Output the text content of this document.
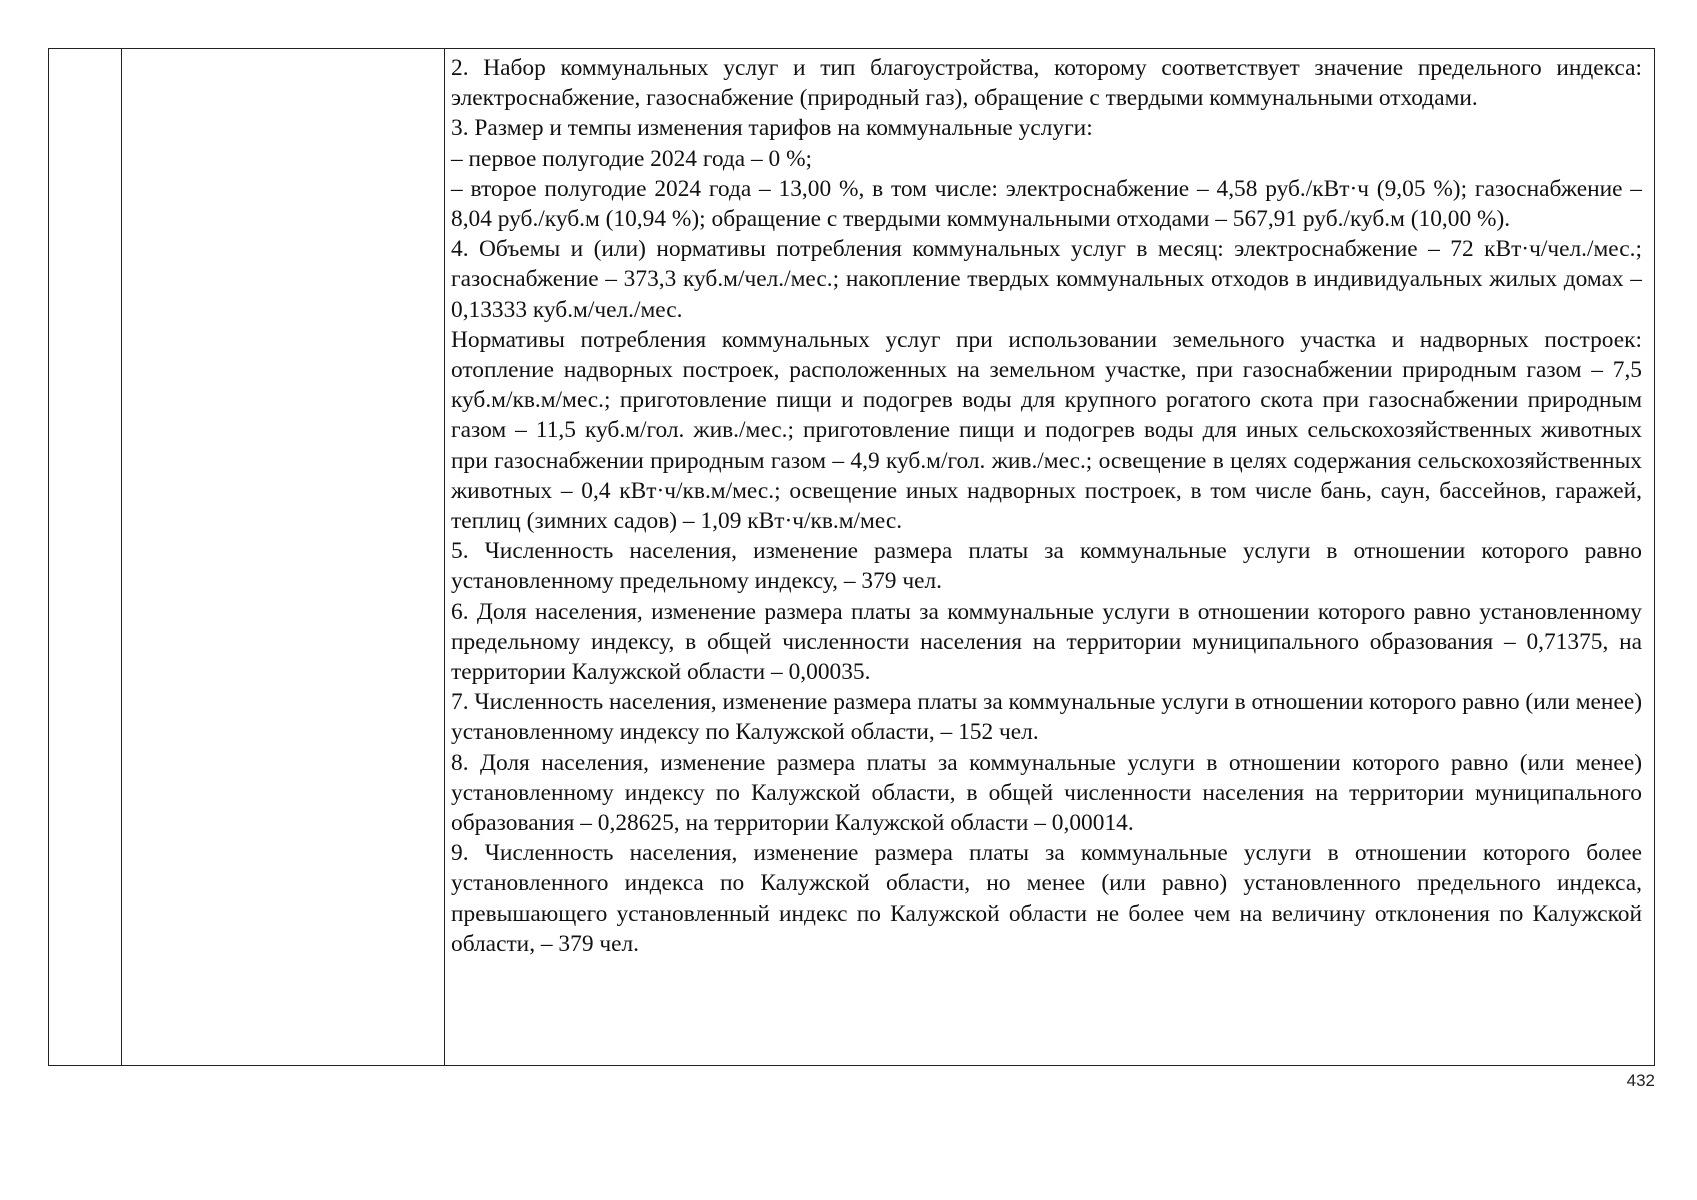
2. Набор коммунальных услуг и тип благоустройства, которому соответствует значение предельного индекса: электроснабжение, газоснабжение (природный газ), обращение с твердыми коммунальными отходами.

3. Размер и темпы изменения тарифов на коммунальные услуги:

– первое полугодие 2024 года – 0 %;

– второе полугодие 2024 года – 13,00 %, в том числе: электроснабжение – 4,58 руб./кВт·ч (9,05 %); газоснабжение – 8,04 руб./куб.м (10,94 %); обращение с твердыми коммунальными отходами – 567,91 руб./куб.м (10,00 %).

4. Объемы и (или) нормативы потребления коммунальных услуг в месяц: электроснабжение – 72 кВт·ч/чел./мес.; газоснабжение – 373,3 куб.м/чел./мес.; накопление твердых коммунальных отходов в индивидуальных жилых домах – 0,13333 куб.м/чел./мес.

Нормативы потребления коммунальных услуг при использовании земельного участка и надворных построек: отопление надворных построек, расположенных на земельном участке, при газоснабжении природным газом – 7,5 куб.м/кв.м/мес.; приготовление пищи и подогрев воды для крупного рогатого скота при газоснабжении природным газом – 11,5 куб.м/гол. жив./мес.; приготовление пищи и подогрев воды для иных сельскохозяйственных животных при газоснабжении природным газом – 4,9 куб.м/гол. жив./мес.; освещение в целях содержания сельскохозяйственных животных – 0,4 кВт·ч/кв.м/мес.; освещение иных надворных построек, в том числе бань, саун, бассейнов, гаражей, теплиц (зимних садов) – 1,09 кВт·ч/кв.м/мес.

5. Численность населения, изменение размера платы за коммунальные услуги в отношении которого равно установленному предельному индексу, – 379 чел.

6. Доля населения, изменение размера платы за коммунальные услуги в отношении которого равно установленному предельному индексу, в общей численности населения на территории муниципального образования – 0,71375, на территории Калужской области – 0,00035.

7. Численность населения, изменение размера платы за коммунальные услуги в отношении которого равно (или менее) установленному индексу по Калужской области, – 152 чел.

8. Доля населения, изменение размера платы за коммунальные услуги в отношении которого равно (или менее) установленному индексу по Калужской области, в общей численности населения на территории муниципального образования – 0,28625, на территории Калужской области – 0,00014.

9. Численность населения, изменение размера платы за коммунальные услуги в отношении которого более установленного индекса по Калужской области, но менее (или равно) установленного предельного индекса, превышающего установленный индекс по Калужской области не более чем на величину отклонения по Калужской области, – 379 чел.

432
